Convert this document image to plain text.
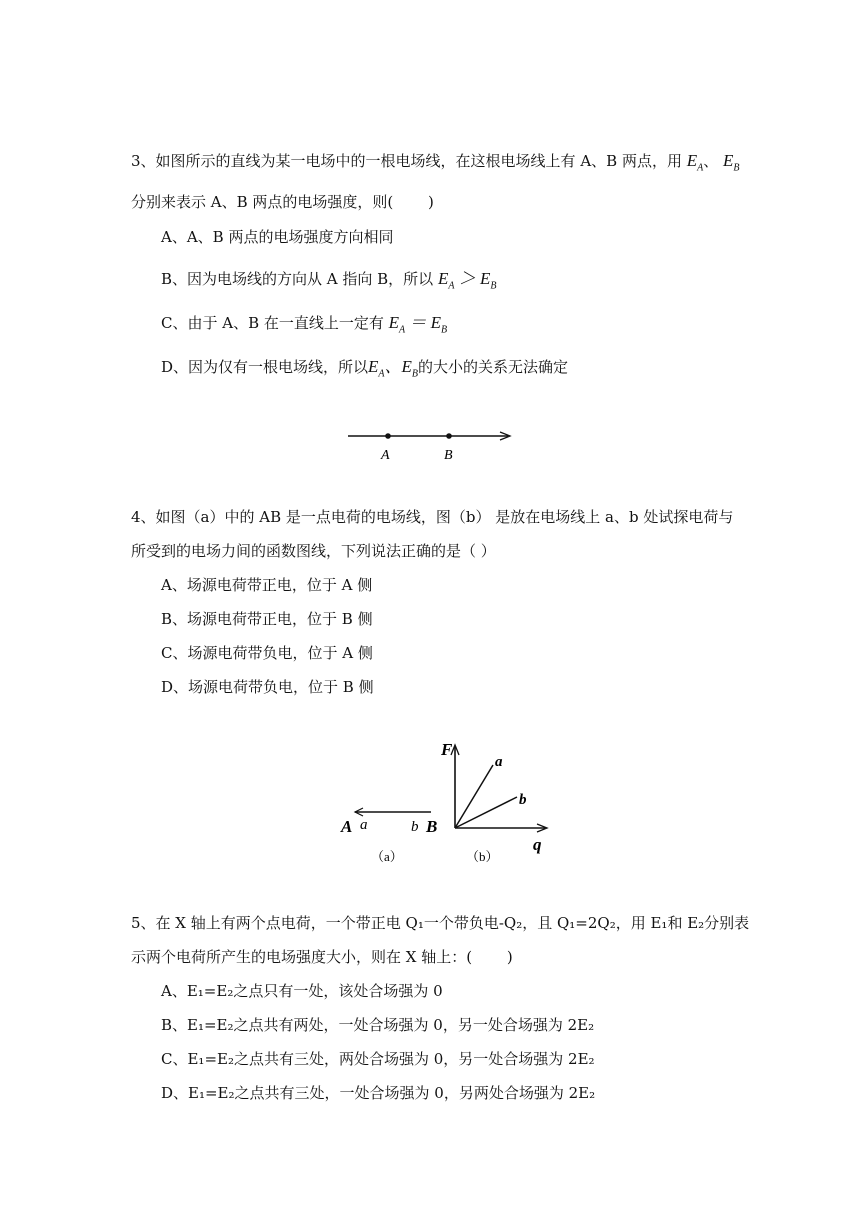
3、如图所示的直线为某一电场中的一根电场线，在这根电场线上有 A、B 两点，用 $E_A$、 $E_B$
分别来表示 A、B 两点的电场强度，则(　　 )
A、A、B 两点的电场强度方向相同
B、因为电场线的方向从 A 指向 B，所以 $E_A > E_B$
C、由于 A、B 在一直线上一定有 $E_A = E_B$
D、因为仅有一根电场线，所以$E_A$、$E_B$的大小的关系无法确定
A	B
4、如图（a）中的 AB 是一点电荷的电场线，图（b） 是放在电场线上 a、b 处试探电荷与
所受到的电场力间的函数图线，下列说法正确的是（ ）
A、场源电荷带正电，位于 A 侧
B、场源电荷带正电，位于 B 侧
C、场源电荷带负电，位于 A 侧
D、场源电荷带负电，位于 B 侧
A a	b B
（a）
F
a
b
q
（b）
5、在 X 轴上有两个点电荷，一个带正电 Q₁一个带负电-Q₂，且 Q₁=2Q₂，用 E₁和 E₂分别表
示两个电荷所产生的电场强度大小，则在 X 轴上：(　　 )
A、E₁=E₂之点只有一处，该处合场强为 0
B、E₁=E₂之点共有两处，一处合场强为 0，另一处合场强为 2E₂
C、E₁=E₂之点共有三处，两处合场强为 0，另一处合场强为 2E₂
D、E₁=E₂之点共有三处，一处合场强为 0，另两处合场强为 2E₂
